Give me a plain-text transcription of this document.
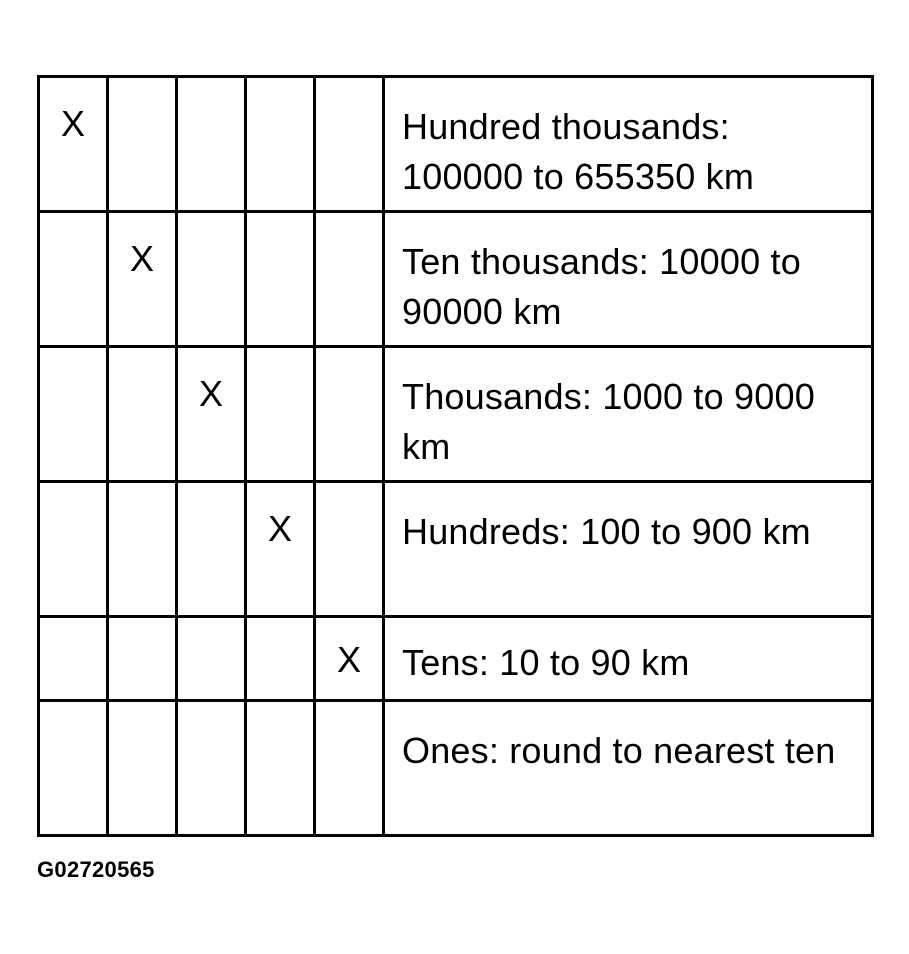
X					Hundred thousands: 100000 to 655350 km
	X				Ten thousands: 10000 to 90000 km
		X			Thousands: 1000 to 9000 km
			X		Hundreds: 100 to 900 km
				X	Tens: 10 to 90 km
					Ones: round to nearest ten
G02720565
